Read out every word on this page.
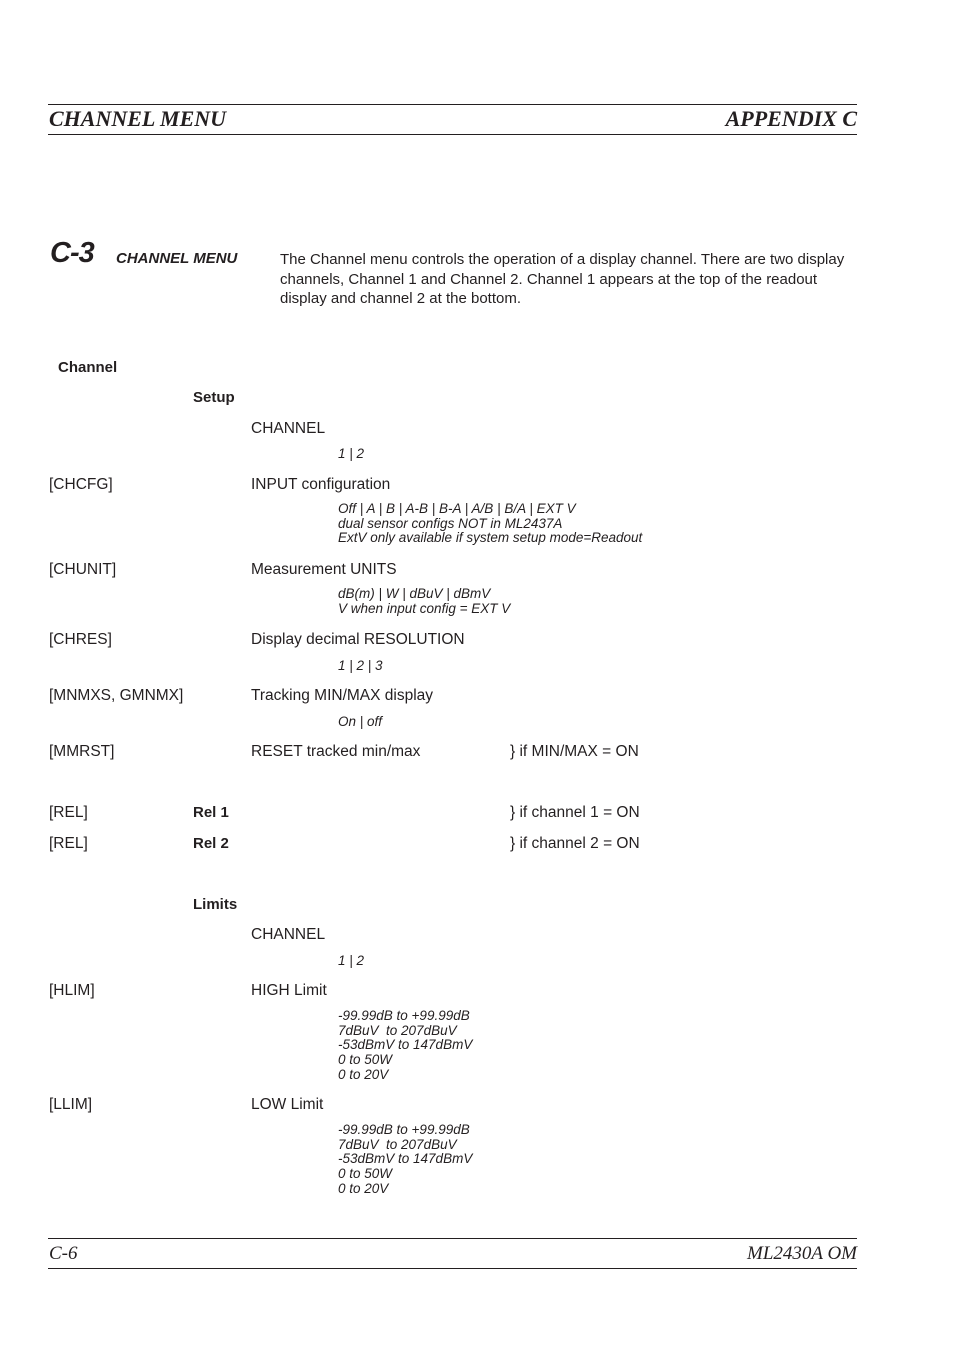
CHANNEL MENU	APPENDIX C
C-3 CHANNEL MENU	The Channel menu controls the operation of a display channel. There are two display channels, Channel 1 and Channel 2. Channel 1 appears at the top of the readout display and channel 2 at the bottom.
Channel
Setup
CHANNEL
1 | 2
[CHCFG]	INPUT configuration
Off | A | B | A-B | B-A | A/B | B/A | EXT V
dual sensor configs NOT in ML2437A
ExtV only available if system setup mode=Readout
[CHUNIT]	Measurement UNITS
dB(m) | W | dBuV | dBmV
V when input config = EXT V
[CHRES]	Display decimal RESOLUTION
1 | 2 | 3
[MNMXS, GMNMX]	Tracking MIN/MAX display
On | off
[MMRST]	RESET tracked min/max	} if MIN/MAX = ON
[REL]	Rel 1	} if channel 1 = ON
[REL]	Rel 2	} if channel 2 = ON
Limits
CHANNEL
1 | 2
[HLIM]	HIGH Limit
-99.99dB to +99.99dB
7dBuV  to 207dBuV
-53dBmV to 147dBmV
0 to 50W
0 to 20V
[LLIM]	LOW Limit
-99.99dB to +99.99dB
7dBuV  to 207dBuV
-53dBmV to 147dBmV
0 to 50W
0 to 20V
C-6	ML2430A OM
